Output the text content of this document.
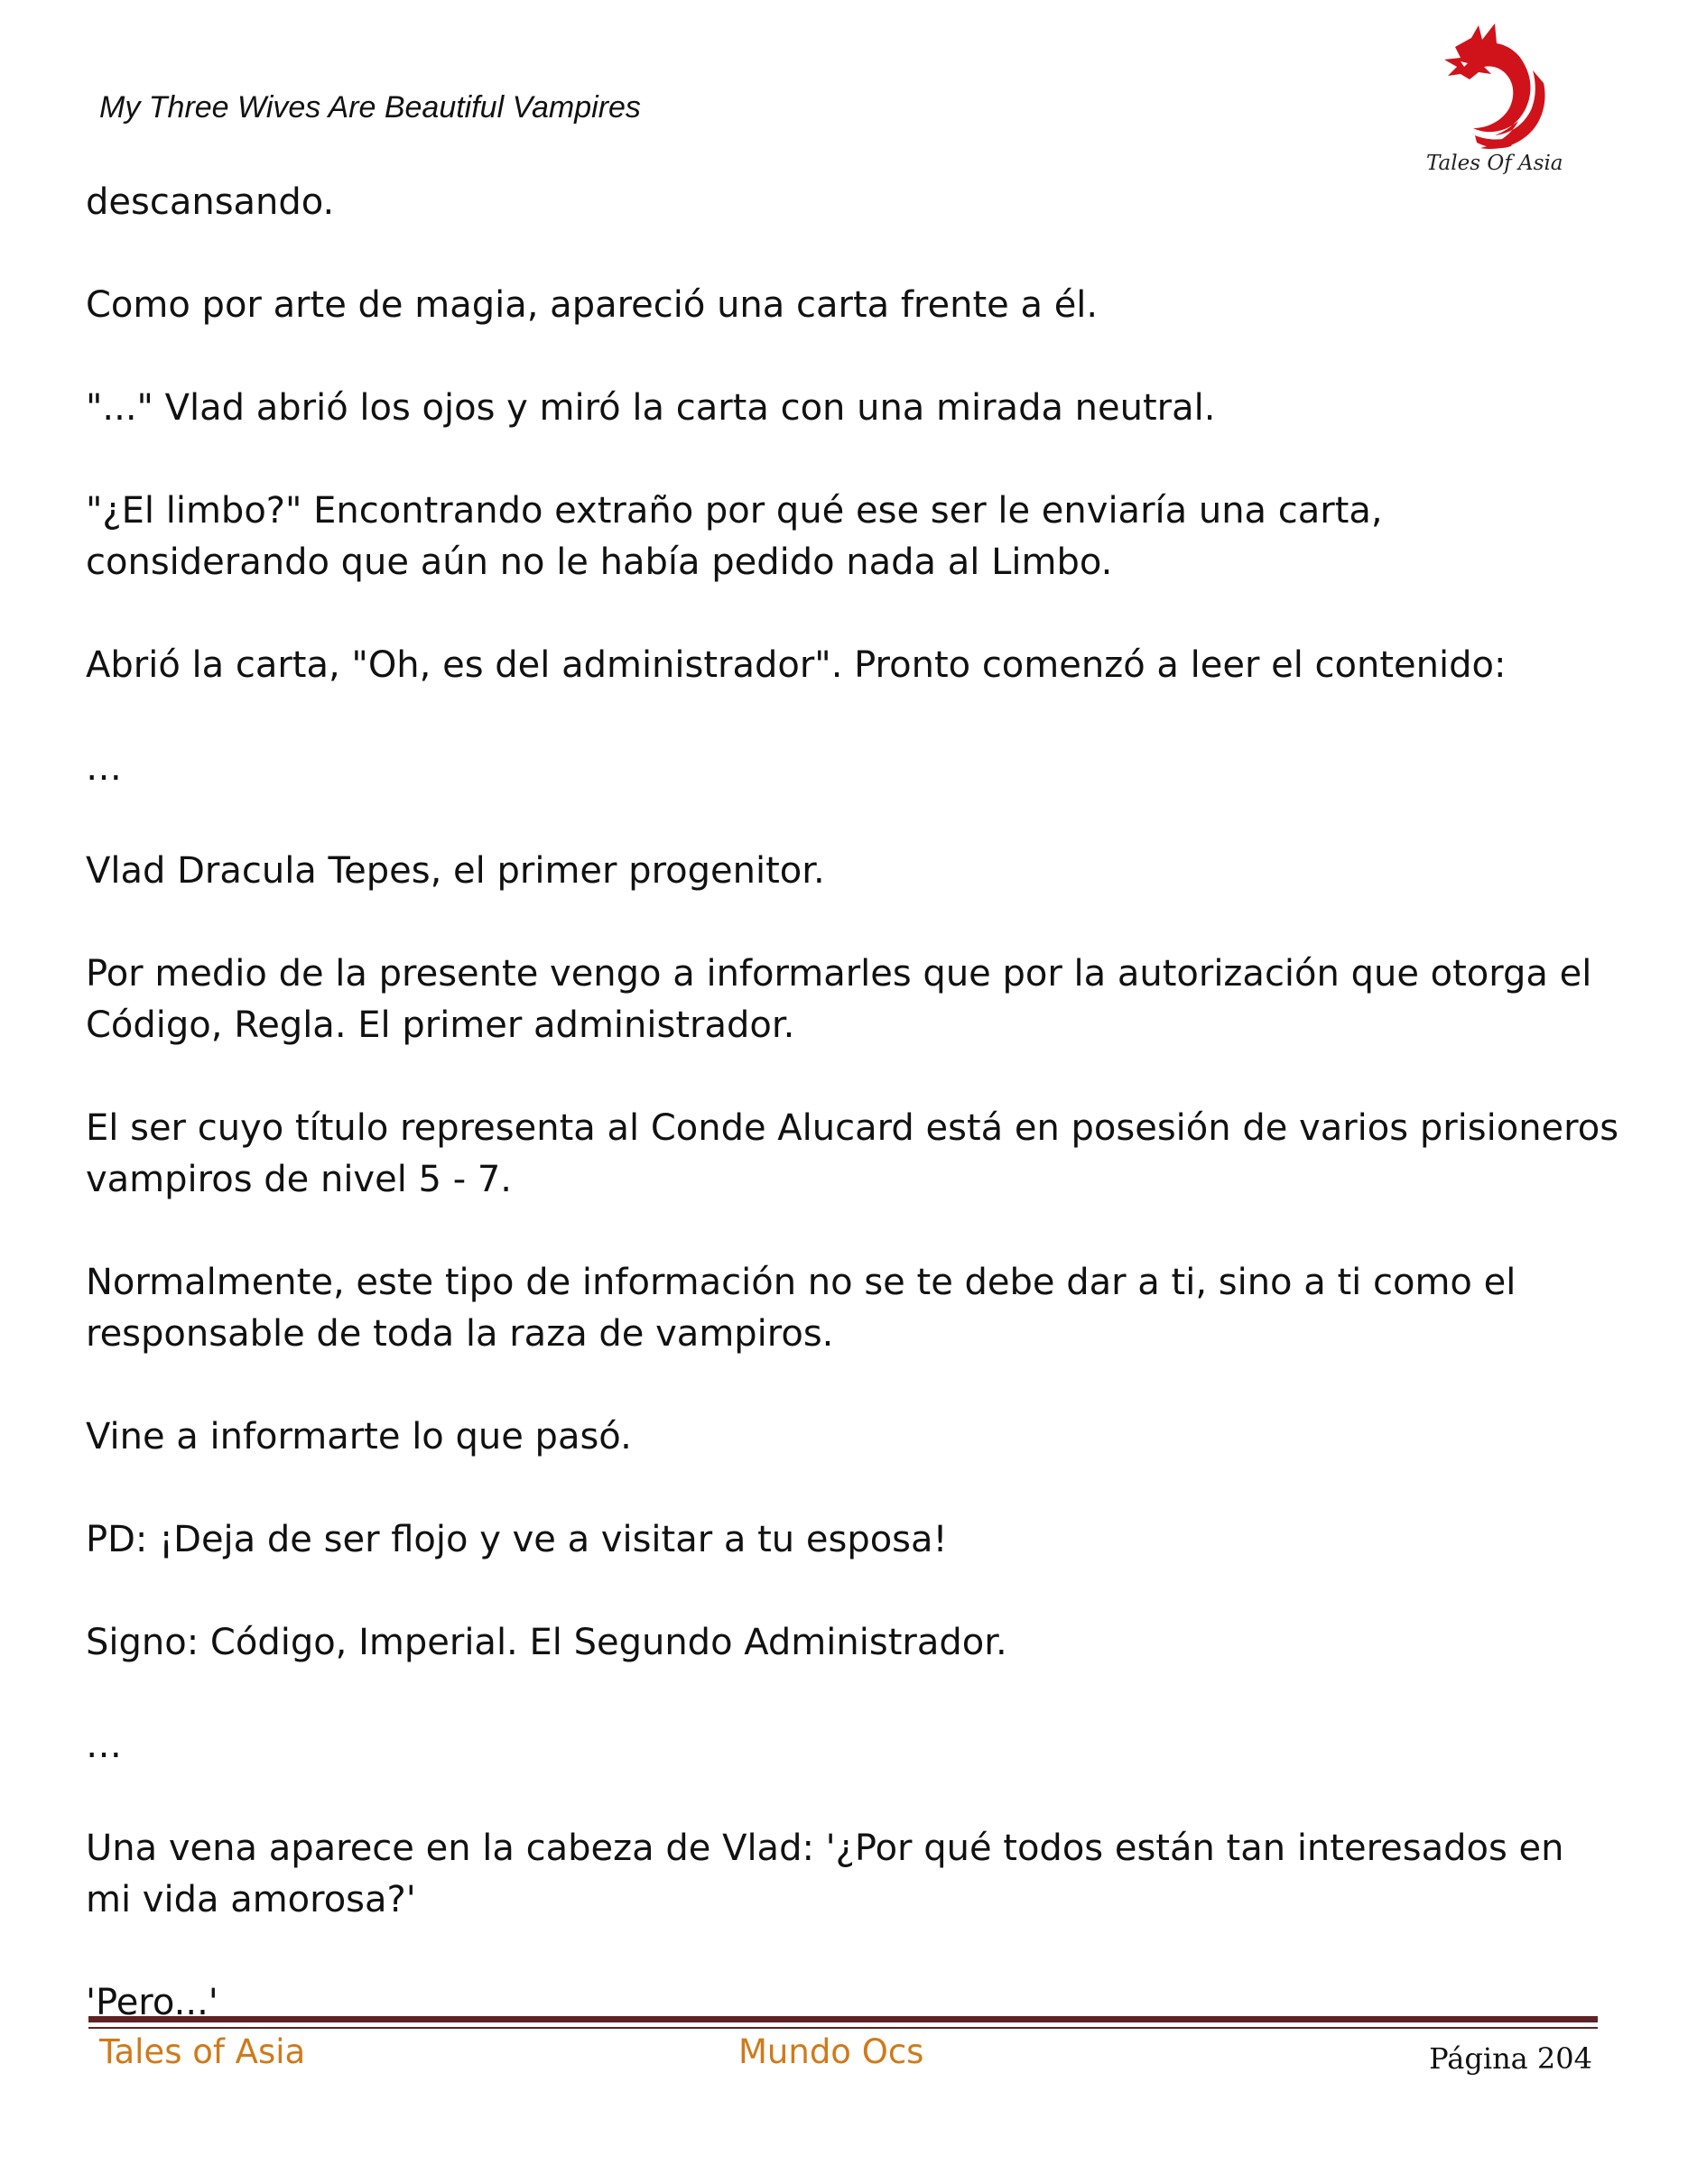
My Three Wives Are Beautiful Vampires
Tales Of Asia

descansando.

Como por arte de magia, apareció una carta frente a él.

"..." Vlad abrió los ojos y miró la carta con una mirada neutral.

"¿El limbo?" Encontrando extraño por qué ese ser le enviaría una carta, considerando que aún no le había pedido nada al Limbo.

Abrió la carta, "Oh, es del administrador". Pronto comenzó a leer el contenido:

…

Vlad Dracula Tepes, el primer progenitor.

Por medio de la presente vengo a informarles que por la autorización que otorga el Código, Regla. El primer administrador.

El ser cuyo título representa al Conde Alucard está en posesión de varios prisioneros vampiros de nivel 5 - 7.

Normalmente, este tipo de información no se te debe dar a ti, sino a ti como el responsable de toda la raza de vampiros.

Vine a informarte lo que pasó.

PD: ¡Deja de ser flojo y ve a visitar a tu esposa!

Signo: Código, Imperial. El Segundo Administrador.

…

Una vena aparece en la cabeza de Vlad: '¿Por qué todos están tan interesados en mi vida amorosa?'

'Pero...'

Tales of Asia	Mundo Ocs	Página 204
